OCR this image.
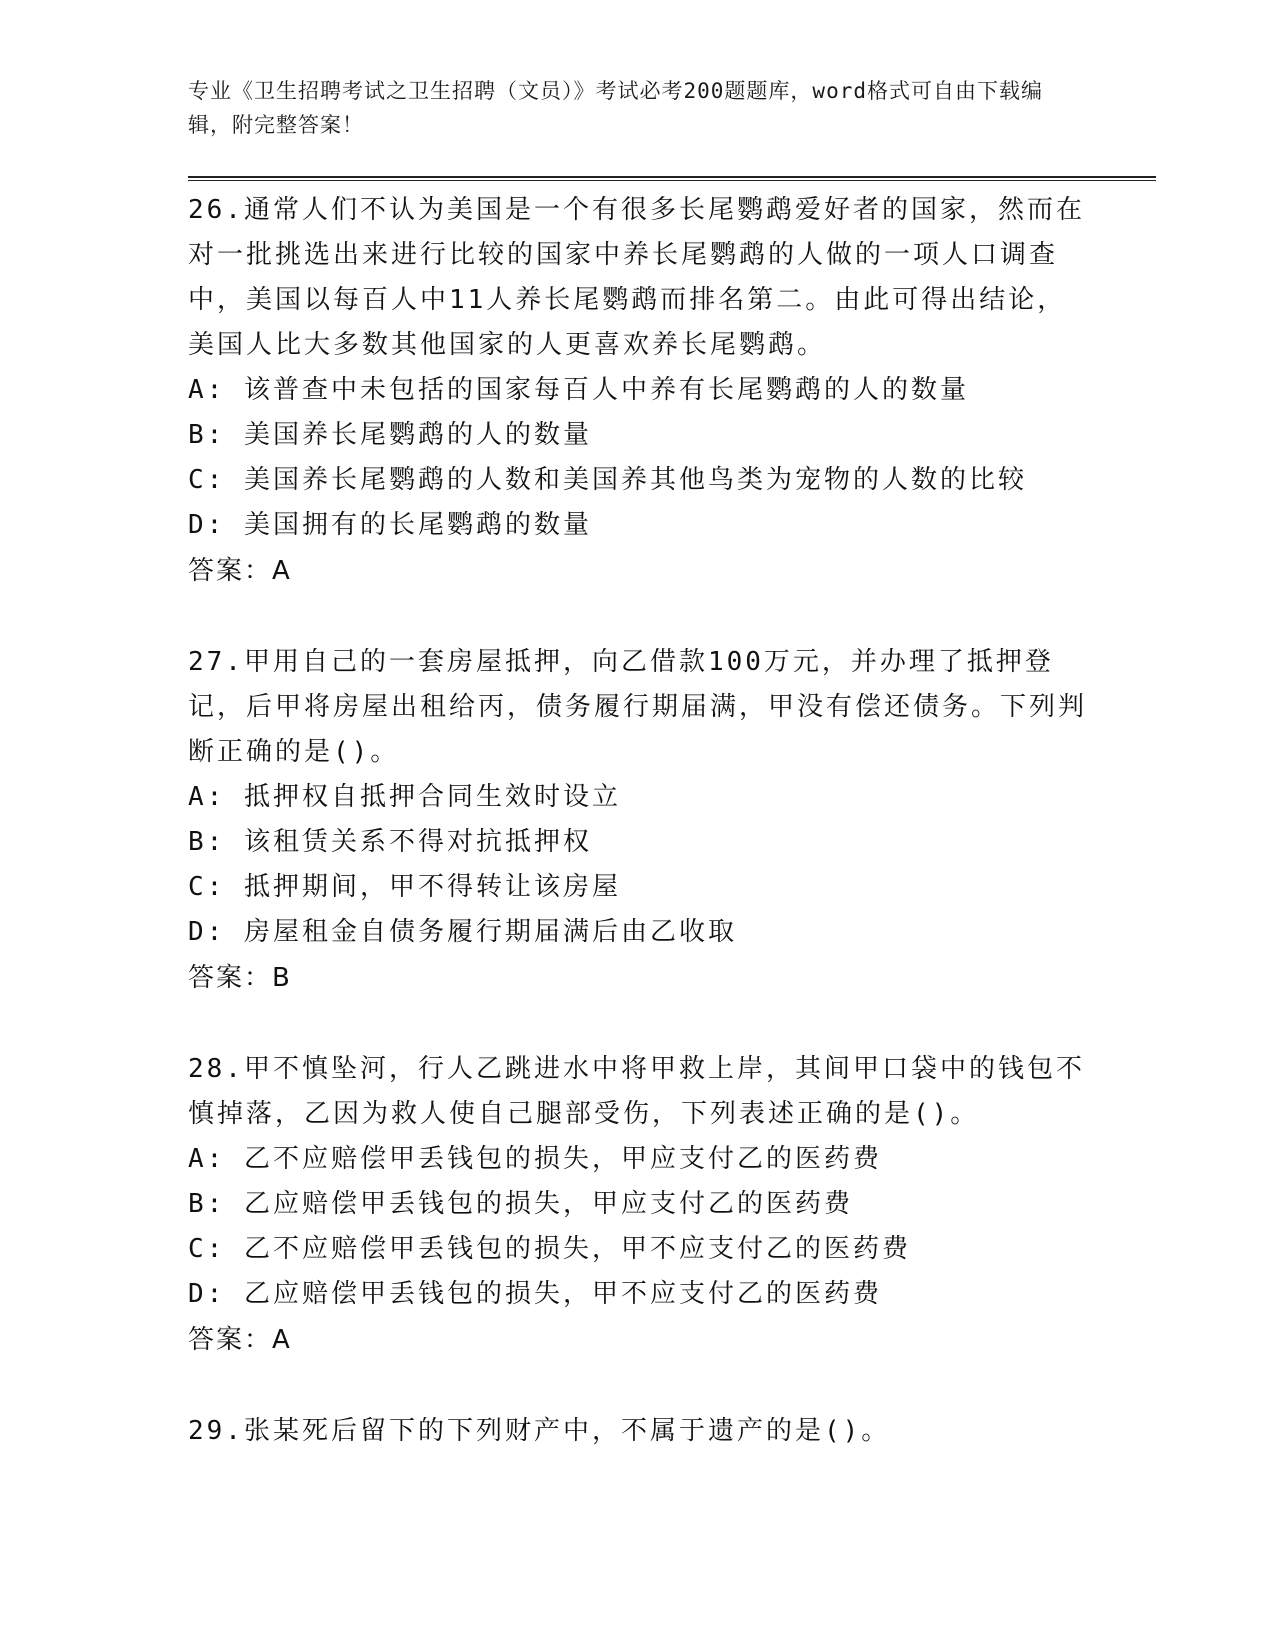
专业《卫生招聘考试之卫生招聘（文员）》考试必考200题题库，word格式可自由下载编辑，附完整答案！

26.通常人们不认为美国是一个有很多长尾鹦鹉爱好者的国家，然而在对一批挑选出来进行比较的国家中养长尾鹦鹉的人做的一项人口调查中，美国以每百人中11人养长尾鹦鹉而排名第二。由此可得出结论，美国人比大多数其他国家的人更喜欢养长尾鹦鹉。

A: 该普查中未包括的国家每百人中养有长尾鹦鹉的人的数量

B: 美国养长尾鹦鹉的人的数量

C: 美国养长尾鹦鹉的人数和美国养其他鸟类为宠物的人数的比较

D: 美国拥有的长尾鹦鹉的数量

答案：A

27.甲用自己的一套房屋抵押，向乙借款100万元，并办理了抵押登记，后甲将房屋出租给丙，债务履行期届满，甲没有偿还债务。下列判断正确的是()。

A: 抵押权自抵押合同生效时设立

B: 该租赁关系不得对抗抵押权

C: 抵押期间，甲不得转让该房屋

D: 房屋租金自债务履行期届满后由乙收取

答案：B

28.甲不慎坠河，行人乙跳进水中将甲救上岸，其间甲口袋中的钱包不慎掉落，乙因为救人使自己腿部受伤，下列表述正确的是()。

A: 乙不应赔偿甲丢钱包的损失，甲应支付乙的医药费

B: 乙应赔偿甲丢钱包的损失，甲应支付乙的医药费

C: 乙不应赔偿甲丢钱包的损失，甲不应支付乙的医药费

D: 乙应赔偿甲丢钱包的损失，甲不应支付乙的医药费

答案：A

29.张某死后留下的下列财产中，不属于遗产的是()。
